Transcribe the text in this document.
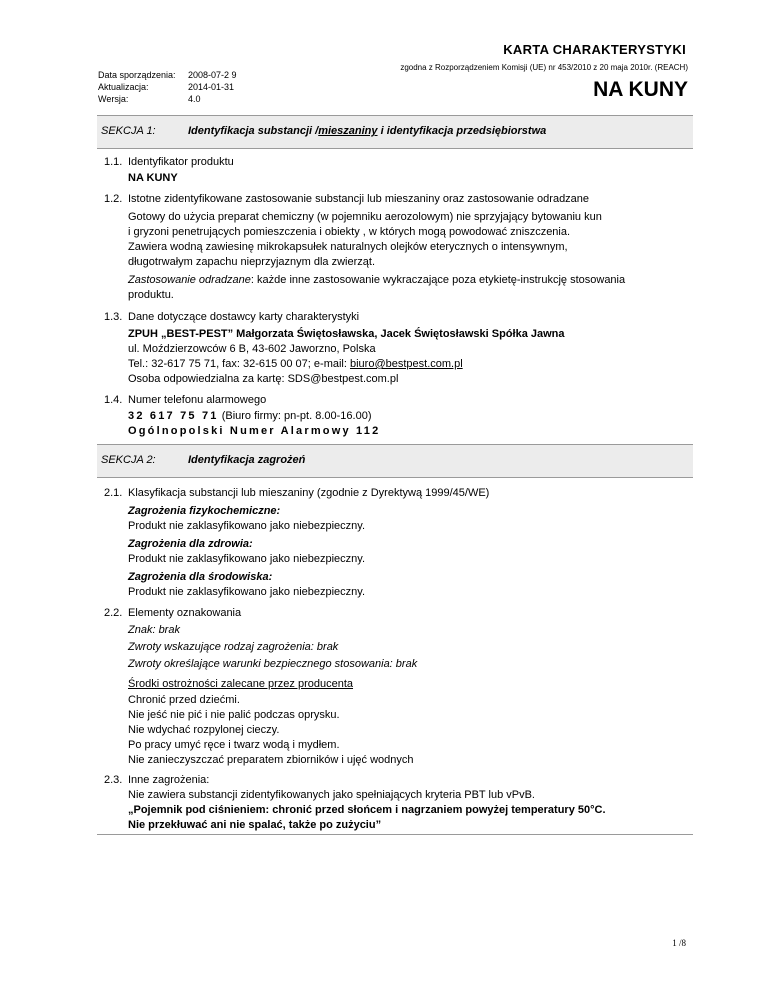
KARTA CHARAKTERYSTYKI
zgodna z Rozporządzeniem Komisji (UE) nr 453/2010 z 20 maja 2010r. (REACH)
Data sporządzenia: 2008-07-2 9
Aktualizacja:	2014-01-31
Wersja:	4.0	NA KUNY
SEKCJA 1:	Identyfikacja substancji /mieszaniny i identyfikacja przedsiębiorstwa
1.1. Identyfikator produktu
NA KUNY
1.2. Istotne zidentyfikowane zastosowanie substancji lub mieszaniny oraz zastosowanie odradzane
Gotowy do użycia preparat chemiczny (w pojemniku aerozolowym) nie sprzyjający bytowaniu kun
i gryzoni penetrujących pomieszczenia i obiekty , w których mogą powodować zniszczenia.
Zawiera wodną zawiesinę mikrokapsułek naturalnych olejków eterycznych o intensywnym,
długotrwałym zapachu nieprzyjaznym dla zwierząt.
Zastosowanie odradzane: każde inne zastosowanie wykraczające poza etykietę-instrukcję stosowania
produktu.
1.3. Dane dotyczące dostawcy karty charakterystyki
ZPUH „BEST-PEST” Małgorzata Świętosławska, Jacek Świętosławski Spółka Jawna
ul. Moździerzowców 6 B, 43-602 Jaworzno, Polska
Tel.: 32-617 75 71, fax: 32-615 00 07; e-mail: biuro@bestpest.com.pl
Osoba odpowiedzialna za kartę: SDS@bestpest.com.pl
1.4. Numer telefonu alarmowego
32 617 75 71 (Biuro firmy: pn-pt. 8.00-16.00)
Ogólnopolski Numer Alarmowy 112
SEKCJA 2:	Identyfikacja zagrożeń
2.1. Klasyfikacja substancji lub mieszaniny (zgodnie z Dyrektywą 1999/45/WE)
Zagrożenia fizykochemiczne:
Produkt nie zaklasyfikowano jako niebezpieczny.
Zagrożenia dla zdrowia:
Produkt nie zaklasyfikowano jako niebezpieczny.
Zagrożenia dla środowiska:
Produkt nie zaklasyfikowano jako niebezpieczny.
2.2. Elementy oznakowania
Znak: brak
Zwroty wskazujące rodzaj zagrożenia: brak
Zwroty określające warunki bezpiecznego stosowania: brak
Środki ostrożności zalecane przez producenta
Chronić przed dziećmi.
Nie jeść nie pić i nie palić podczas oprysku.
Nie wdychać rozpylonej cieczy.
Po pracy umyć ręce i twarz wodą i mydłem.
Nie zanieczyszczać preparatem zbiorników i ujęć wodnych
2.3. Inne zagrożenia:
Nie zawiera substancji zidentyfikowanych jako spełniających kryteria PBT lub vPvB.
„Pojemnik pod ciśnieniem: chronić przed słońcem i nagrzaniem powyżej temperatury 50°C.
Nie przekłuwać ani nie spalać, także po zużyciu”
1 /8
